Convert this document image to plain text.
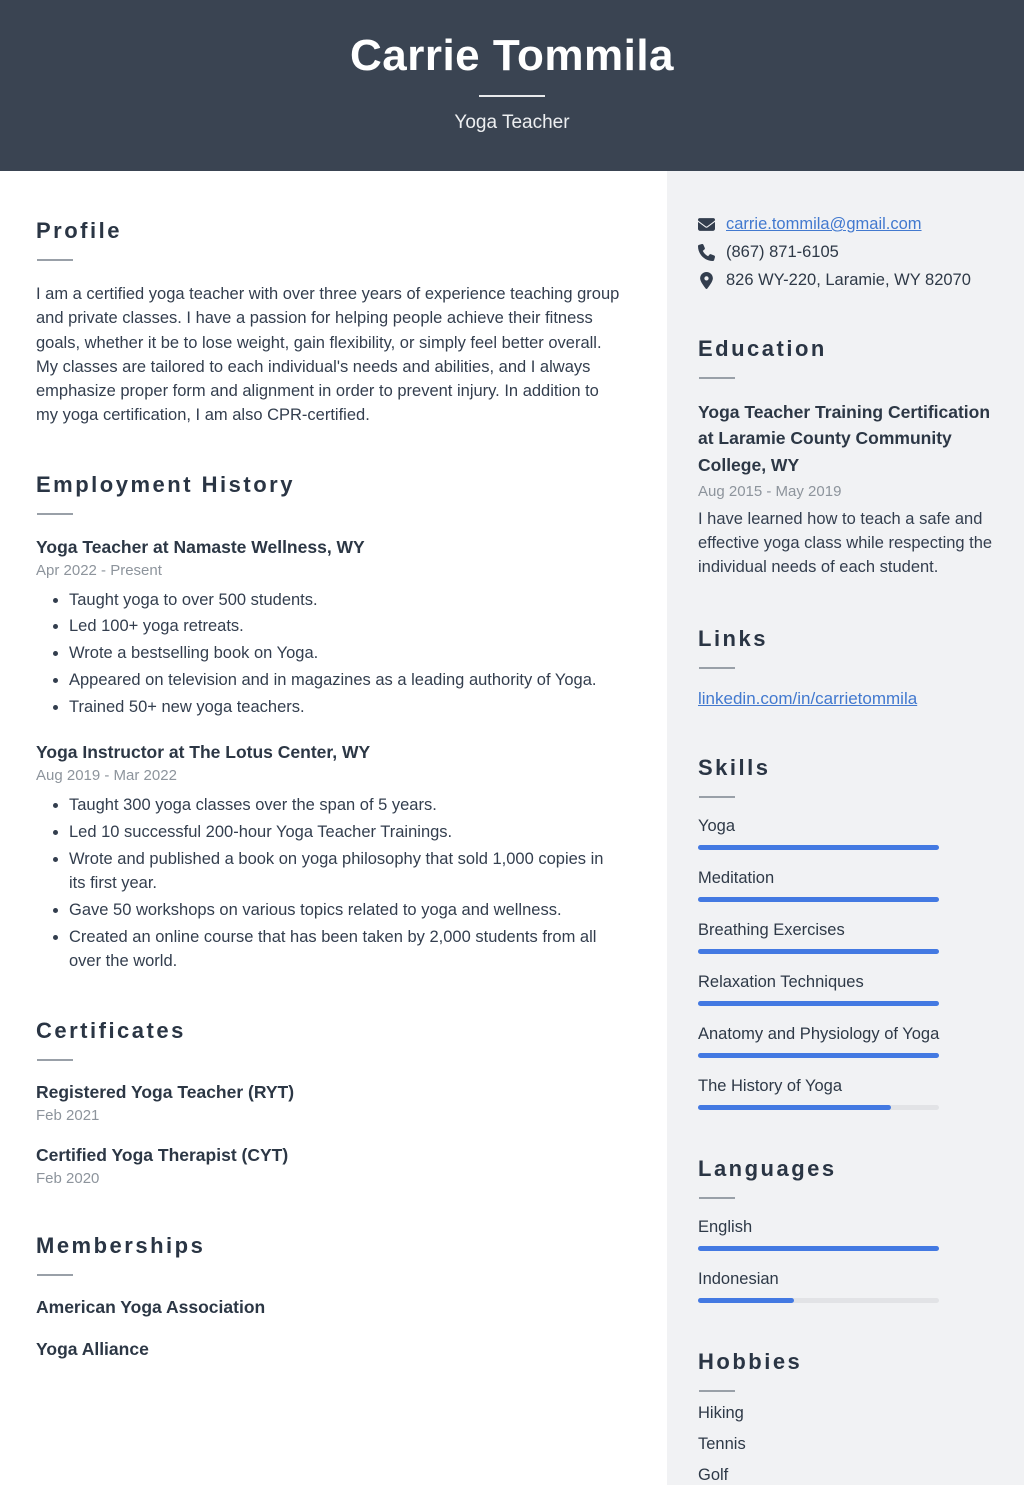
Carrie Tommila
Yoga Teacher
Profile

I am a certified yoga teacher with over three years of experience teaching group and private classes. I have a passion for helping people achieve their fitness goals, whether it be to lose weight, gain flexibility, or simply feel better overall. My classes are tailored to each individual's needs and abilities, and I always emphasize proper form and alignment in order to prevent injury. In addition to my yoga certification, I am also CPR-certified.

Employment History
Yoga Teacher at Namaste Wellness, WY
Apr 2022 - Present
• Taught yoga to over 500 students.
• Led 100+ yoga retreats.
• Wrote a bestselling book on Yoga.
• Appeared on television and in magazines as a leading authority of Yoga.
• Trained 50+ new yoga teachers.
Yoga Instructor at The Lotus Center, WY
Aug 2019 - Mar 2022
• Taught 300 yoga classes over the span of 5 years.
• Led 10 successful 200-hour Yoga Teacher Trainings.
• Wrote and published a book on yoga philosophy that sold 1,000 copies in its first year.
• Gave 50 workshops on various topics related to yoga and wellness.
• Created an online course that has been taken by 2,000 students from all over the world.
Certificates
Registered Yoga Teacher (RYT)
Feb 2021
Certified Yoga Therapist (CYT)
Feb 2020
Memberships
American Yoga Association
Yoga Alliance
carrie.tommila@gmail.com
(867) 871-6105
826 WY-220, Laramie, WY 82070
Education
Yoga Teacher Training Certification at Laramie County Community College, WY
Aug 2015 - May 2019
I have learned how to teach a safe and effective yoga class while respecting the individual needs of each student.
Links
linkedin.com/in/carrietommila
Skills
Yoga
Meditation
Breathing Exercises
Relaxation Techniques
Anatomy and Physiology of Yoga
The History of Yoga
Languages
English
Indonesian
Hobbies
Hiking
Tennis
Golf
